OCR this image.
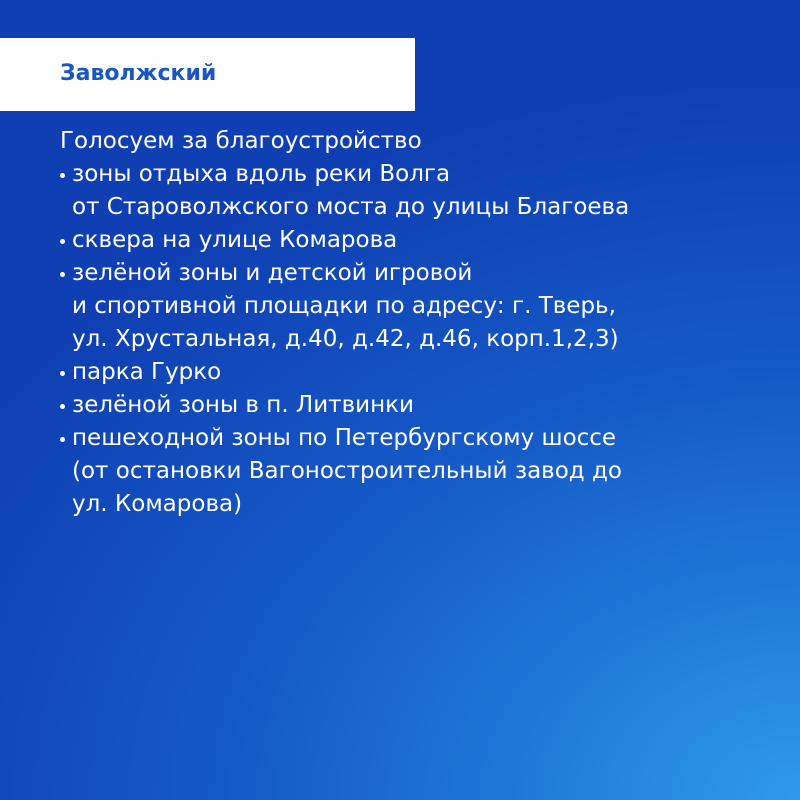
Заволжский
Голосуем за благоустройство
зоны отдыха вдоль реки Волга
от Староволжского моста до улицы Благоева
сквера на улице Комарова
зелёной зоны и детской игровой
и спортивной площадки по адресу: г. Тверь,
ул. Хрустальная, д.40, д.42, д.46, корп.1,2,3)
парка Гурко
зелёной зоны в п. Литвинки
пешеходной зоны по Петербургскому шоссе
(от остановки Вагоностроительный завод до
ул. Комарова)
